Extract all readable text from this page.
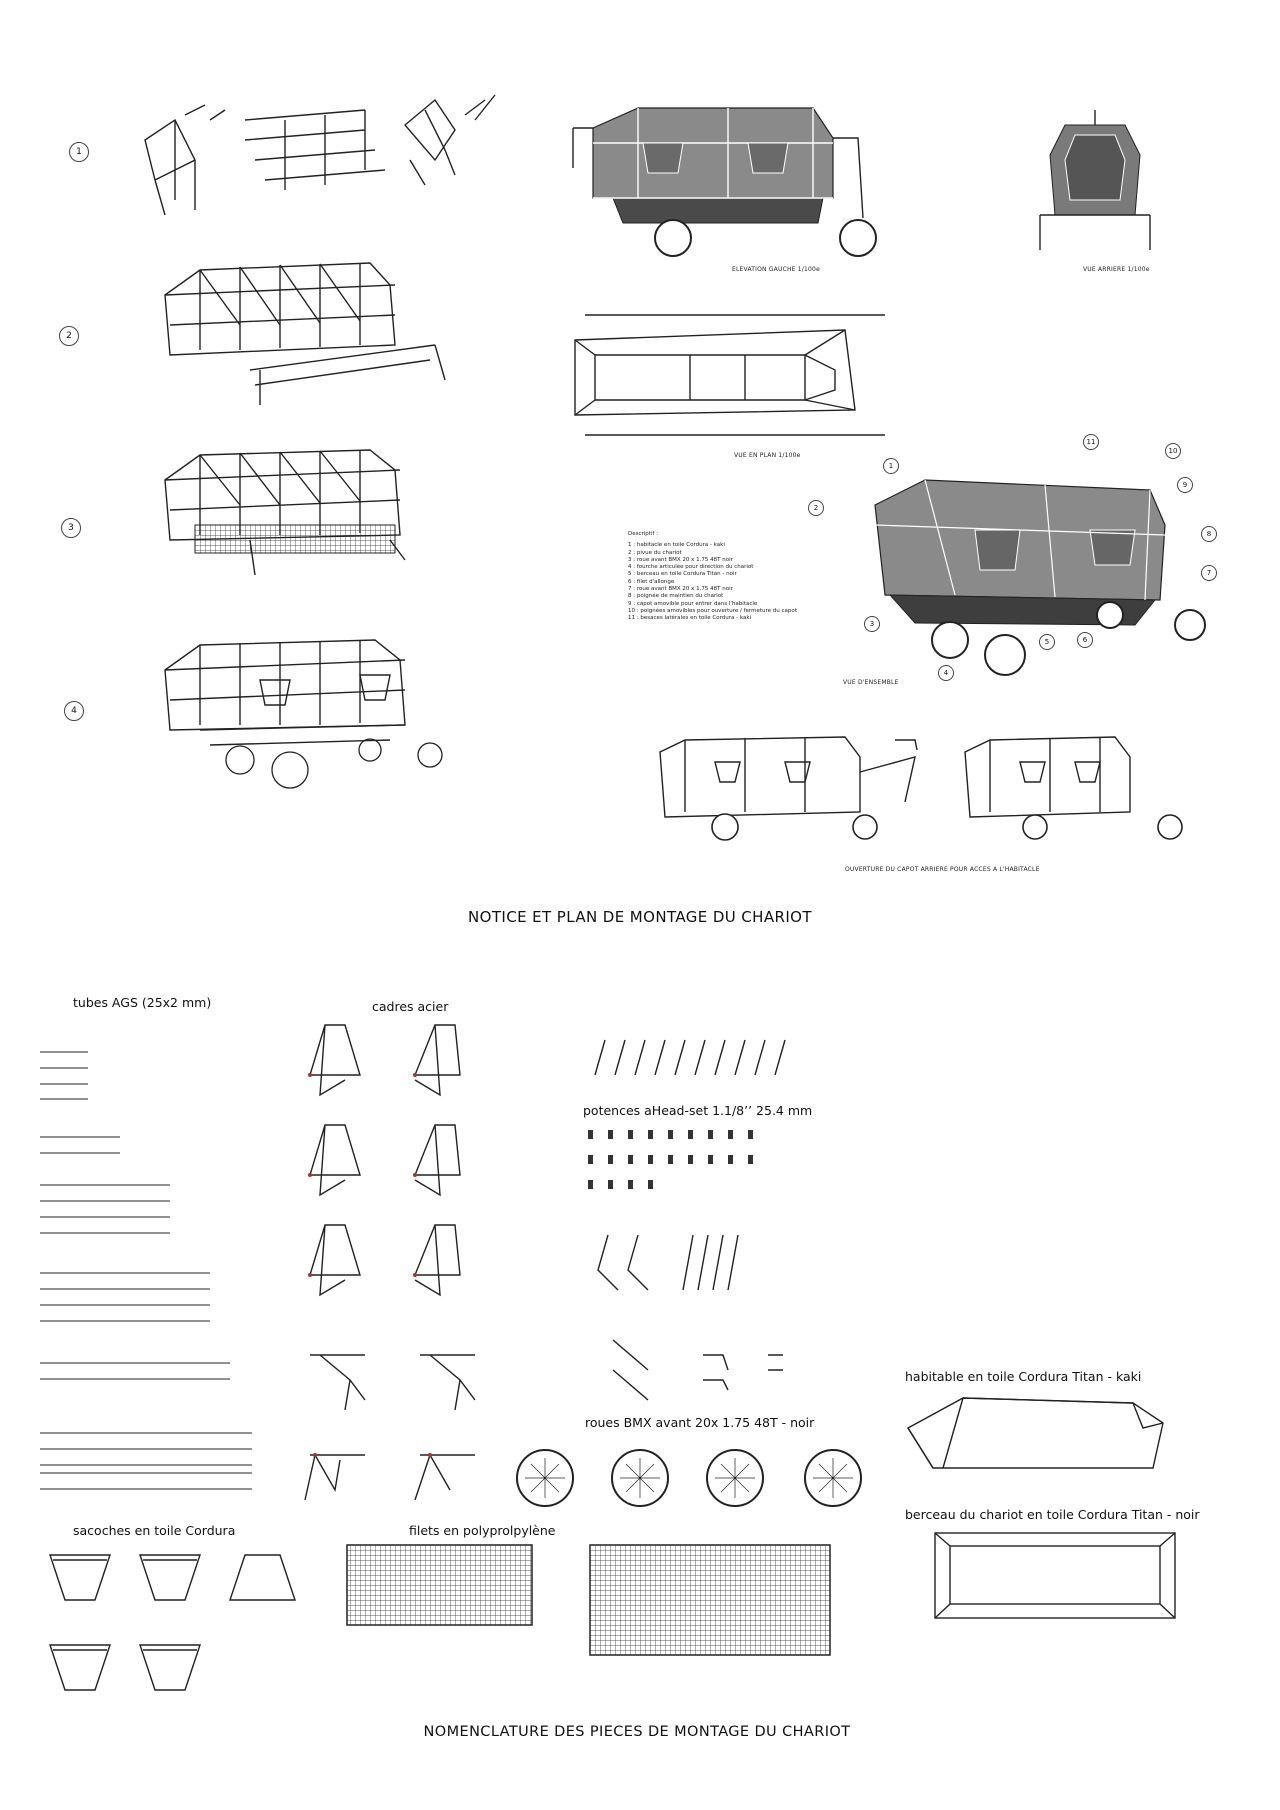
1
2
3
4
ELEVATION GAUCHE 1/100e	VUE ARRIERE 1/100e
VUE EN PLAN 1/100e
Descriptif :
1 : habitacle en toile Cordura - kaki
2 : pivue du chariot
3 : roue avant BMX 20 x 1.75 48T noir
4 : fourche articulée pour direction du chariot
5 : berceau en toile Cordura Titan - noir
6 : filet d'allonge
7 : roue avant BMX 20 x 1.75 48T noir
8 : poignée de maintien du chariot
9 : capot amovible pour entrer dans l'habitacle
10 : poignées amovibles pour ouverture / fermeture du capot
11 : besaces latérales en toile Cordura - kaki
1
2
3
4
5	6
7
8
9
10
11
VUE D'ENSEMBLE
OUVERTURE DU CAPOT ARRIERE POUR ACCES A L'HABITACLE
NOTICE ET PLAN DE MONTAGE DU CHARIOT
tubes AGS (25x2 mm)	cadres acier
potences aHead-set 1.1/8’’ 25.4 mm
roues BMX avant 20x 1.75 48T - noir
habitable en toile Cordura Titan - kaki
sacoches en toile Cordura	filets en polyprolpylène
berceau du chariot en toile Cordura Titan - noir
NOMENCLATURE DES PIECES DE MONTAGE DU CHARIOT
